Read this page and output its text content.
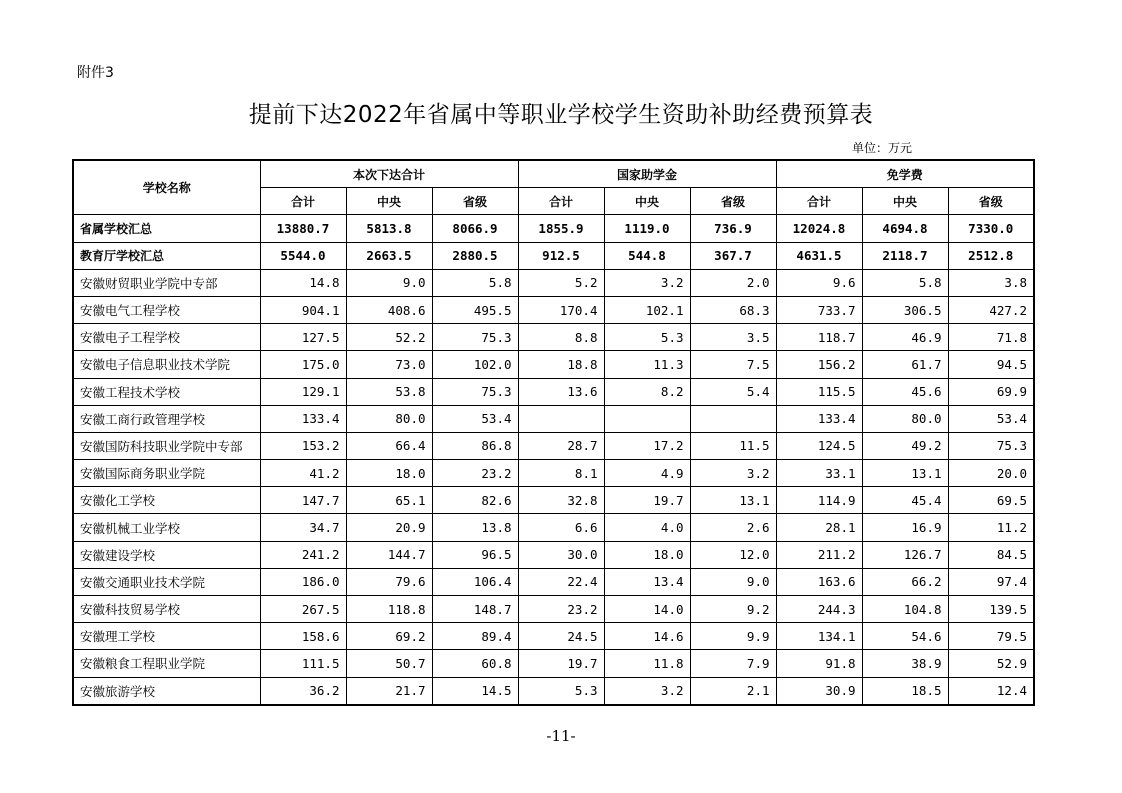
附件3
提前下达2022年省属中等职业学校学生资助补助经费预算表
单位：万元
学校名称	本次下达合计			国家助学金			免学费		
	合计	中央	省级	合计	中央	省级	合计	中央	省级
省属学校汇总	13880.7	5813.8	8066.9	1855.9	1119.0	736.9	12024.8	4694.8	7330.0
教育厅学校汇总	5544.0	2663.5	2880.5	912.5	544.8	367.7	4631.5	2118.7	2512.8
安徽财贸职业学院中专部	14.8	9.0	5.8	5.2	3.2	2.0	9.6	5.8	3.8
安徽电气工程学校	904.1	408.6	495.5	170.4	102.1	68.3	733.7	306.5	427.2
安徽电子工程学校	127.5	52.2	75.3	8.8	5.3	3.5	118.7	46.9	71.8
安徽电子信息职业技术学院	175.0	73.0	102.0	18.8	11.3	7.5	156.2	61.7	94.5
安徽工程技术学校	129.1	53.8	75.3	13.6	8.2	5.4	115.5	45.6	69.9
安徽工商行政管理学校	133.4	80.0	53.4				133.4	80.0	53.4
安徽国防科技职业学院中专部	153.2	66.4	86.8	28.7	17.2	11.5	124.5	49.2	75.3
安徽国际商务职业学院	41.2	18.0	23.2	8.1	4.9	3.2	33.1	13.1	20.0
安徽化工学校	147.7	65.1	82.6	32.8	19.7	13.1	114.9	45.4	69.5
安徽机械工业学校	34.7	20.9	13.8	6.6	4.0	2.6	28.1	16.9	11.2
安徽建设学校	241.2	144.7	96.5	30.0	18.0	12.0	211.2	126.7	84.5
安徽交通职业技术学院	186.0	79.6	106.4	22.4	13.4	9.0	163.6	66.2	97.4
安徽科技贸易学校	267.5	118.8	148.7	23.2	14.0	9.2	244.3	104.8	139.5
安徽理工学校	158.6	69.2	89.4	24.5	14.6	9.9	134.1	54.6	79.5
安徽粮食工程职业学院	111.5	50.7	60.8	19.7	11.8	7.9	91.8	38.9	52.9
安徽旅游学校	36.2	21.7	14.5	5.3	3.2	2.1	30.9	18.5	12.4
-11-
